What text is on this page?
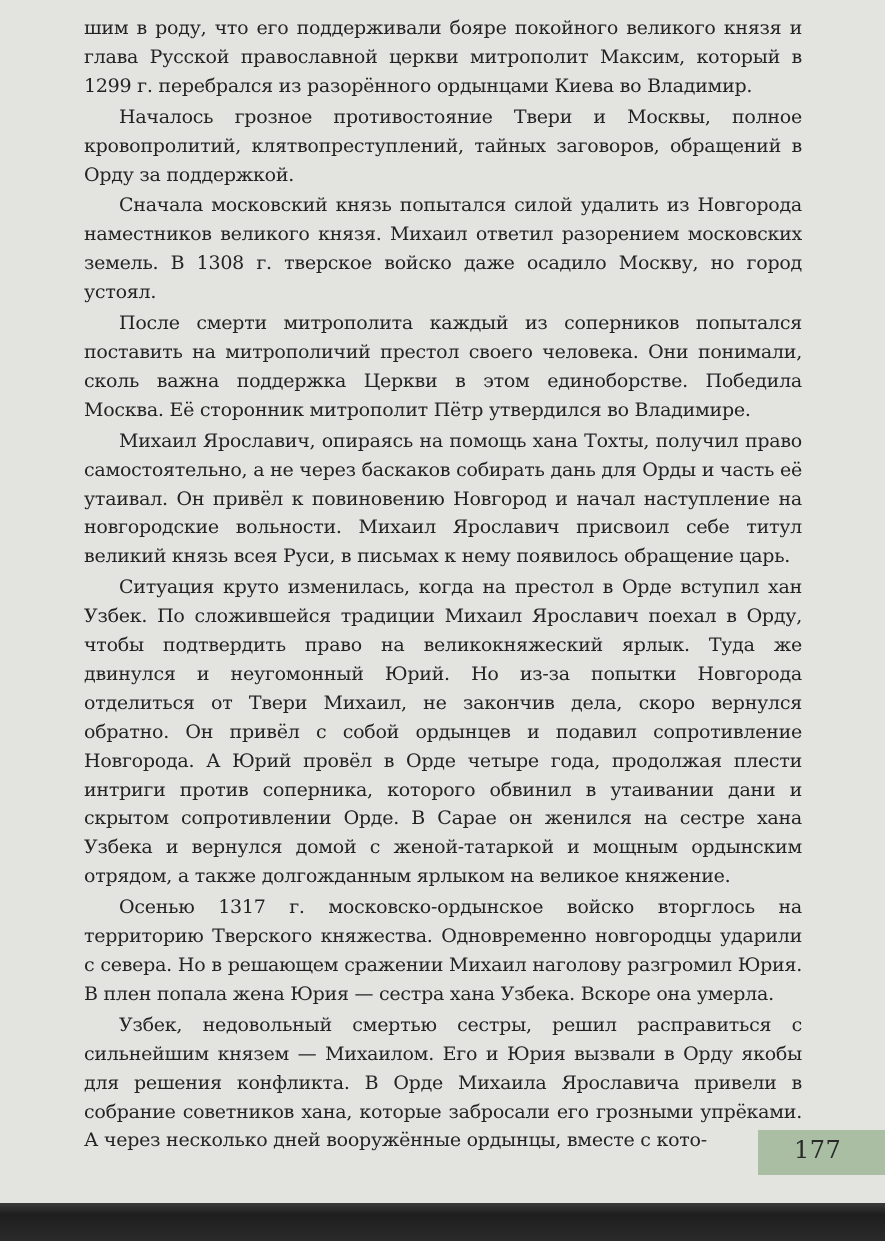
шим в роду, что его поддерживали бояре покойного великого князя и глава Русской православной церкви митрополит Максим, который в 1299 г. перебрался из разорённого ордынцами Киева во Владимир.

Началось грозное противостояние Твери и Москвы, полное кровопролитий, клятвопреступлений, тайных заговоров, обращений в Орду за поддержкой.

Сначала московский князь попытался силой удалить из Новгорода наместников великого князя. Михаил ответил разорением московских земель. В 1308 г. тверское войско даже осадило Москву, но город устоял.

После смерти митрополита каждый из соперников попытался поставить на митрополичий престол своего человека. Они понимали, сколь важна поддержка Церкви в этом единоборстве. Победила Москва. Её сторонник митрополит Пётр утвердился во Владимире.

Михаил Ярославич, опираясь на помощь хана Тохты, получил право самостоятельно, а не через баскаков собирать дань для Орды и часть её утаивал. Он привёл к повиновению Новгород и начал наступление на новгородские вольности. Михаил Ярославич присвоил себе титул великий князь всея Руси, в письмах к нему появилось обращение царь.

Ситуация круто изменилась, когда на престол в Орде вступил хан Узбек. По сложившейся традиции Михаил Ярославич поехал в Орду, чтобы подтвердить право на великокняжеский ярлык. Туда же двинулся и неугомонный Юрий. Но из-за попытки Новгорода отделиться от Твери Михаил, не закончив дела, скоро вернулся обратно. Он привёл с собой ордынцев и подавил сопротивление Новгорода. А Юрий провёл в Орде четыре года, продолжая плести интриги против соперника, которого обвинил в утаивании дани и скрытом сопротивлении Орде. В Сарае он женился на сестре хана Узбека и вернулся домой с женой-татаркой и мощным ордынским отрядом, а также долгожданным ярлыком на великое княжение.

Осенью 1317 г. московско-ордынское войско вторглось на территорию Тверского княжества. Одновременно новгородцы ударили с севера. Но в решающем сражении Михаил наголову разгромил Юрия. В плен попала жена Юрия — сестра хана Узбека. Вскоре она умерла.

Узбек, недовольный смертью сестры, решил расправиться с сильнейшим князем — Михаилом. Его и Юрия вызвали в Орду якобы для решения конфликта. В Орде Михаила Ярославича привели в собрание советников хана, которые забросали его грозными упрёками. А через несколько дней вооружённые ордынцы, вместе с кото-	177
